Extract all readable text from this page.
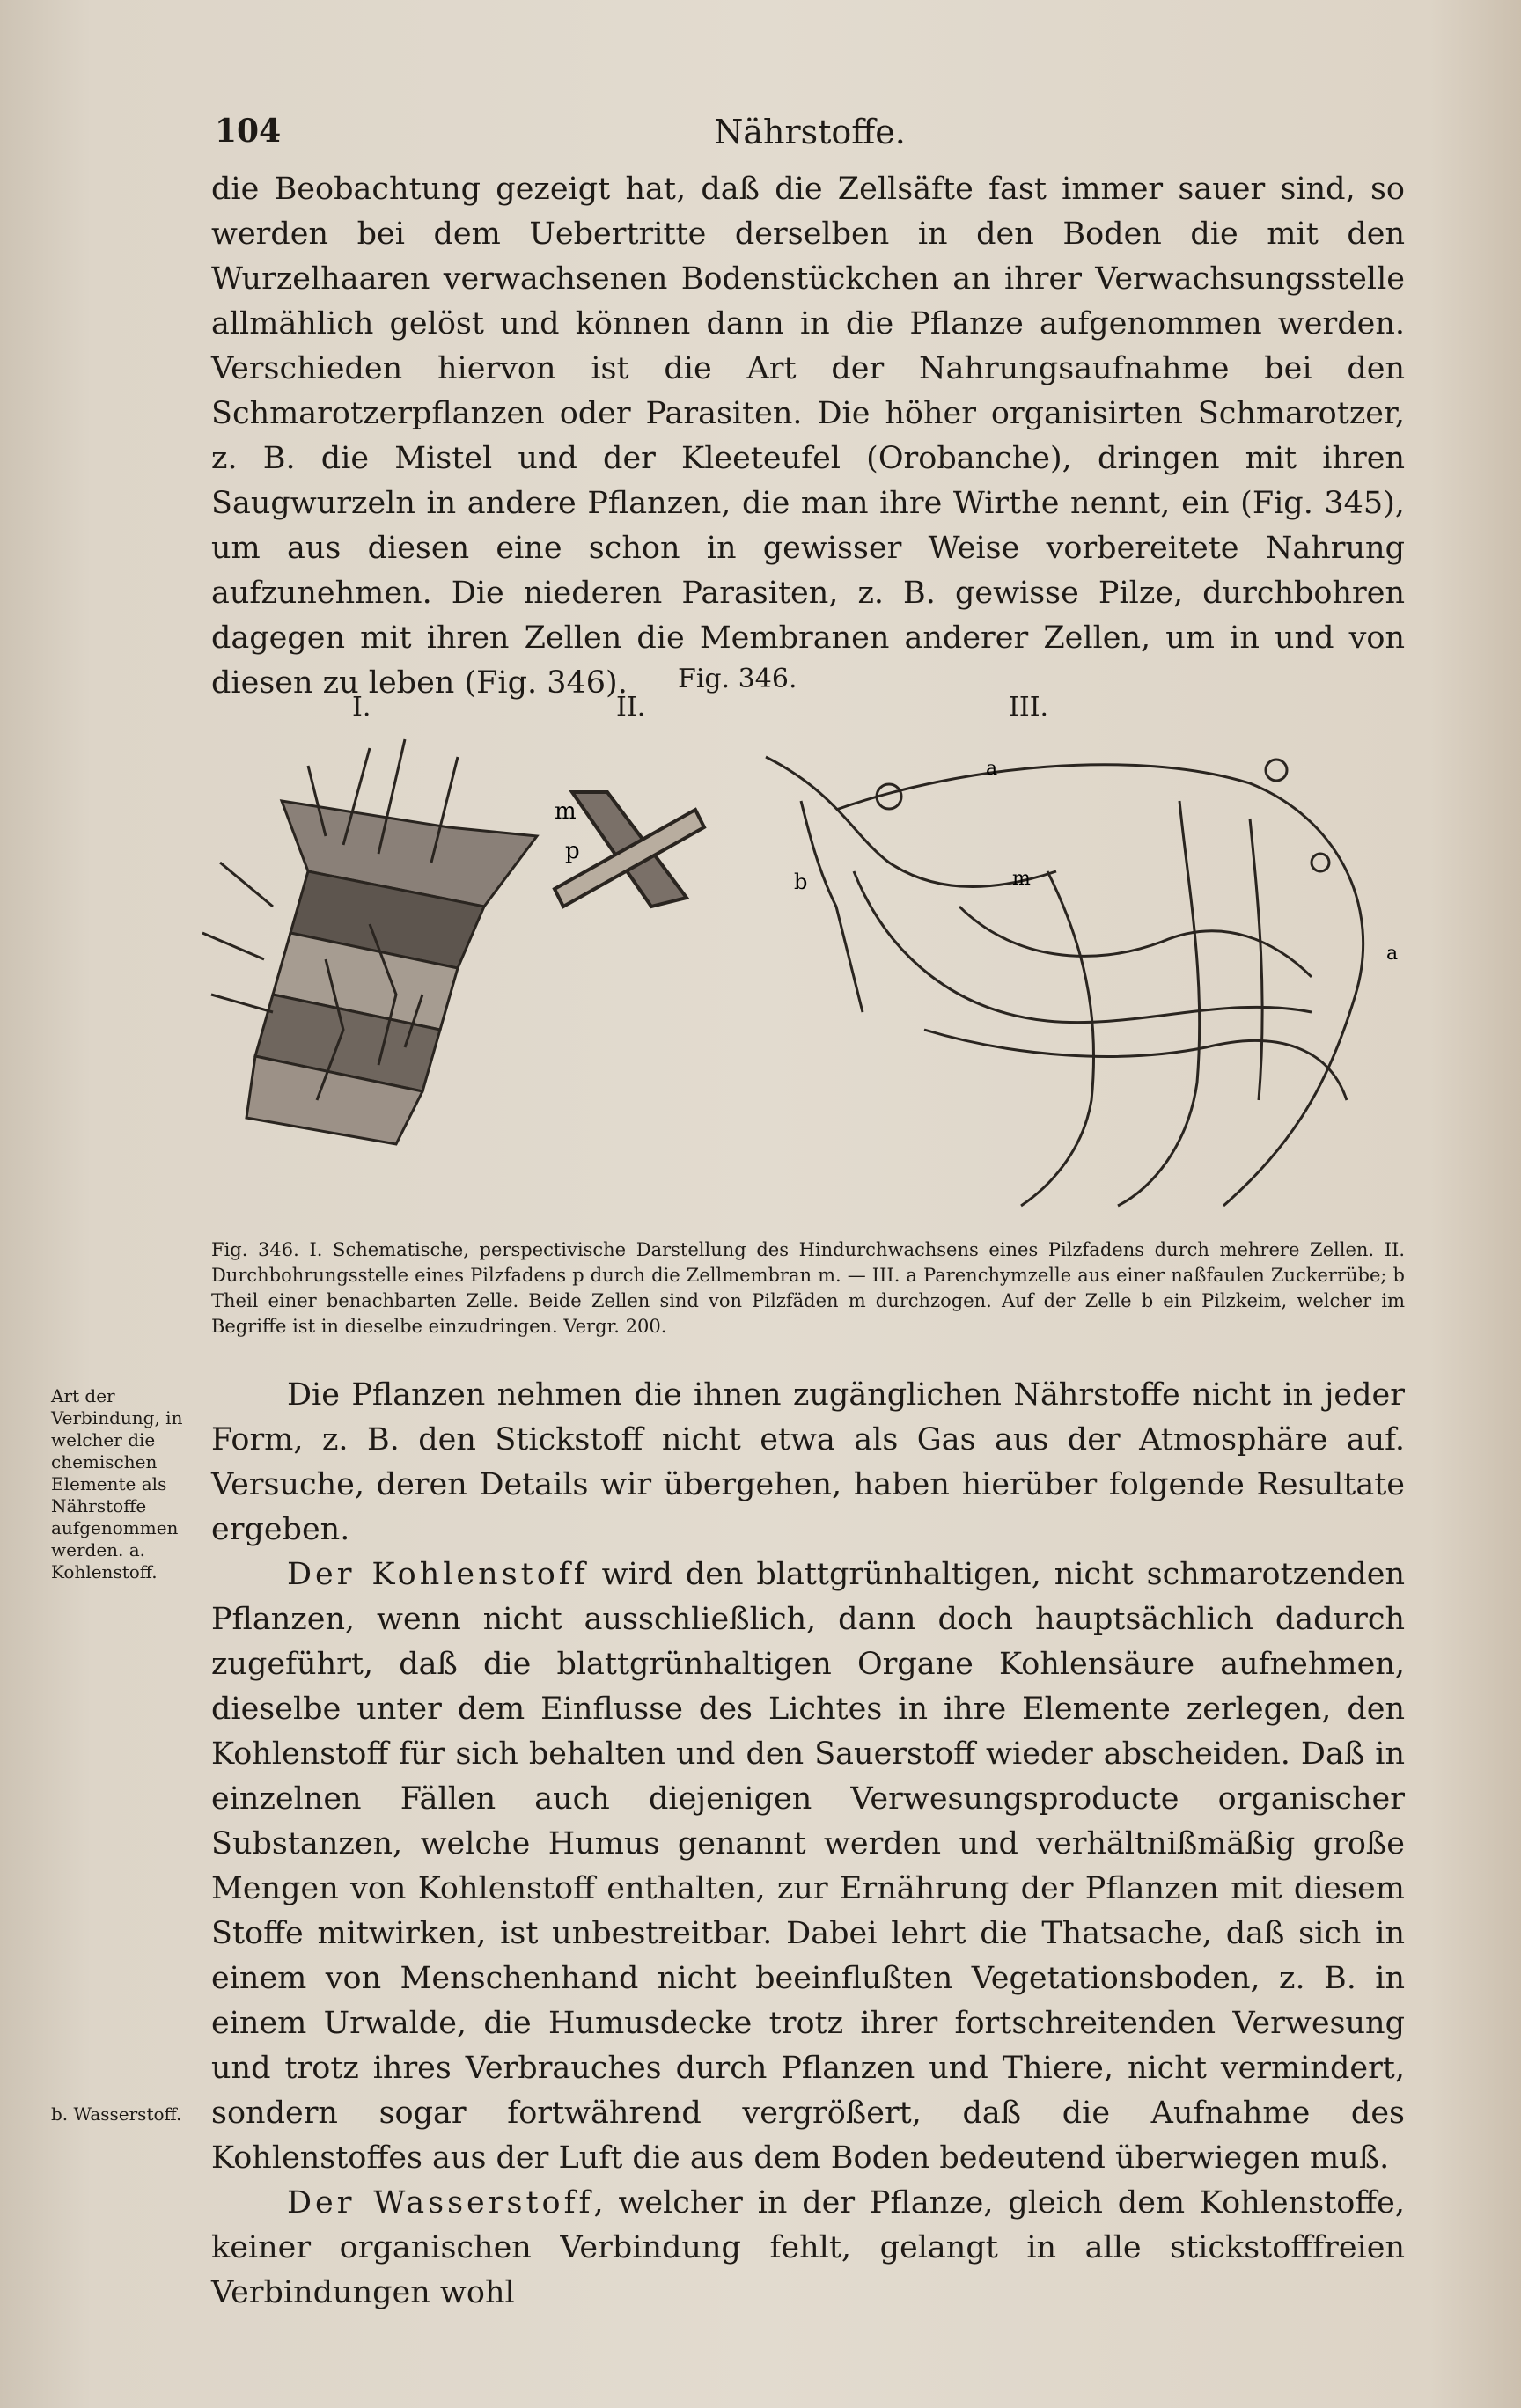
104	Nährstoffe.

die Beobachtung gezeigt hat, daß die Zellsäfte fast immer sauer sind, so werden bei dem Uebertritte derselben in den Boden die mit den Wurzelhaaren verwachsenen Bodenstückchen an ihrer Verwachsungsstelle allmählich gelöst und können dann in die Pflanze aufgenommen werden. Verschieden hiervon ist die Art der Nahrungsaufnahme bei den Schmarotzerpflanzen oder Parasiten. Die höher organisirten Schmarotzer, z. B. die Mistel und der Kleeteufel (Orobanche), dringen mit ihren Saugwurzeln in andere Pflanzen, die man ihre Wirthe nennt, ein (Fig. 345), um aus diesen eine schon in gewisser Weise vorbereitete Nahrung aufzunehmen. Die niederen Parasiten, z. B. gewisse Pilze, durchbohren dagegen mit ihren Zellen die Membranen anderer Zellen, um in und von diesen zu leben (Fig. 346).	Fig. 346.
I.	II.	III.
m
p
a
b	m
a

Fig. 346. I. Schematische, perspectivische Darstellung des Hindurchwachsens eines Pilzfadens durch mehrere Zellen. II. Durchbohrungsstelle eines Pilzfadens p durch die Zellmembran m. — III. a Parenchymzelle aus einer naßfaulen Zuckerrübe; b Theil einer benachbarten Zelle. Beide Zellen sind von Pilzfäden m durchzogen. Auf der Zelle b ein Pilzkeim, welcher im Begriffe ist in dieselbe einzudringen. Vergr. 200.

Art der Verbindung, in welcher die chemischen Elemente als Nährstoffe aufgenommen werden. a. Kohlenstoff.
b. Wasserstoff.

Die Pflanzen nehmen die ihnen zugänglichen Nährstoffe nicht in jeder Form, z. B. den Stickstoff nicht etwa als Gas aus der Atmosphäre auf. Versuche, deren Details wir übergehen, haben hierüber folgende Resultate ergeben.

Der Kohlenstoff wird den blattgrünhaltigen, nicht schmarotzenden Pflanzen, wenn nicht ausschließlich, dann doch hauptsächlich dadurch zugeführt, daß die blattgrünhaltigen Organe Kohlensäure aufnehmen, dieselbe unter dem Einflusse des Lichtes in ihre Elemente zerlegen, den Kohlenstoff für sich behalten und den Sauerstoff wieder abscheiden. Daß in einzelnen Fällen auch diejenigen Verwesungsproducte organischer Substanzen, welche Humus genannt werden und verhältnißmäßig große Mengen von Kohlenstoff enthalten, zur Ernährung der Pflanzen mit diesem Stoffe mitwirken, ist unbestreitbar. Dabei lehrt die Thatsache, daß sich in einem von Menschenhand nicht beeinflußten Vegetationsboden, z. B. in einem Urwalde, die Humusdecke trotz ihrer fortschreitenden Verwesung und trotz ihres Verbrauches durch Pflanzen und Thiere, nicht vermindert, sondern sogar fortwährend vergrößert, daß die Aufnahme des Kohlenstoffes aus der Luft die aus dem Boden bedeutend überwiegen muß.

Der Wasserstoff, welcher in der Pflanze, gleich dem Kohlenstoffe, keiner organischen Verbindung fehlt, gelangt in alle stickstofffreien Verbindungen wohl
